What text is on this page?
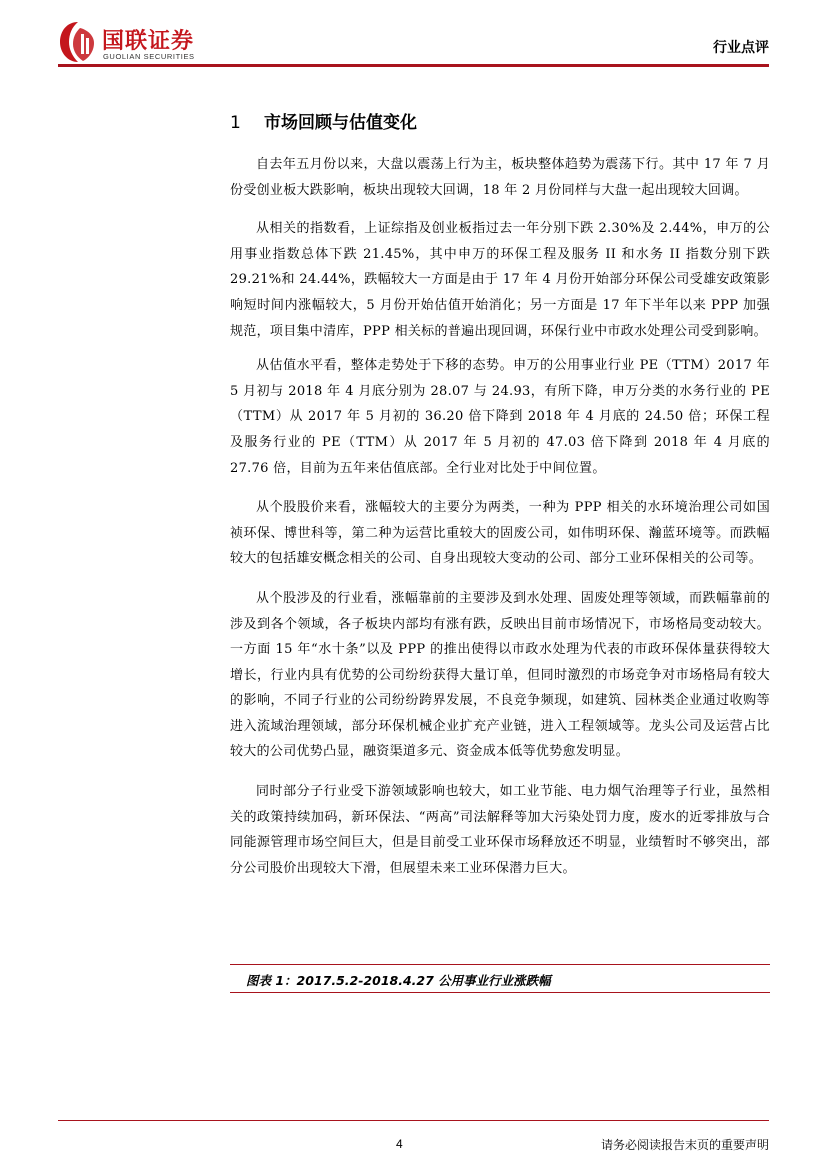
国联证券
GUOLIAN SECURITIES
行业点评
1 市场回顾与估值变化

自去年五月份以来，大盘以震荡上行为主，板块整体趋势为震荡下行。其中 17 年 7 月份受创业板大跌影响，板块出现较大回调，18 年 2 月份同样与大盘一起出现较大回调。

从相关的指数看，上证综指及创业板指过去一年分别下跌 2.30%及 2.44%，申万的公用事业指数总体下跌 21.45%，其中申万的环保工程及服务 II 和水务 II 指数分别下跌 29.21%和 24.44%，跌幅较大一方面是由于 17 年 4 月份开始部分环保公司受雄安政策影响短时间内涨幅较大，5 月份开始估值开始消化；另一方面是 17 年下半年以来 PPP 加强规范，项目集中清库，PPP 相关标的普遍出现回调，环保行业中市政水处理公司受到影响。

从估值水平看，整体走势处于下移的态势。申万的公用事业行业 PE（TTM）2017 年 5 月初与 2018 年 4 月底分别为 28.07 与 24.93，有所下降，申万分类的水务行业的 PE（TTM）从 2017 年 5 月初的 36.20 倍下降到 2018 年 4 月底的 24.50 倍；环保工程及服务行业的 PE（TTM）从 2017 年 5 月初的 47.03 倍下降到 2018 年 4 月底的 27.76 倍，目前为五年来估值底部。全行业对比处于中间位置。

从个股股价来看，涨幅较大的主要分为两类，一种为 PPP 相关的水环境治理公司如国祯环保、博世科等，第二种为运营比重较大的固废公司，如伟明环保、瀚蓝环境等。而跌幅较大的包括雄安概念相关的公司、自身出现较大变动的公司、部分工业环保相关的公司等。

从个股涉及的行业看，涨幅靠前的主要涉及到水处理、固废处理等领域，而跌幅靠前的涉及到各个领域，各子板块内部均有涨有跌，反映出目前市场情况下，市场格局变动较大。一方面 15 年“水十条”以及 PPP 的推出使得以市政水处理为代表的市政环保体量获得较大增长，行业内具有优势的公司纷纷获得大量订单，但同时激烈的市场竞争对市场格局有较大的影响，不同子行业的公司纷纷跨界发展，不良竞争频现，如建筑、园林类企业通过收购等进入流域治理领域，部分环保机械企业扩充产业链，进入工程领域等。龙头公司及运营占比较大的公司优势凸显，融资渠道多元、资金成本低等优势愈发明显。

同时部分子行业受下游领域影响也较大，如工业节能、电力烟气治理等子行业，虽然相关的政策持续加码，新环保法、“两高”司法解释等加大污染处罚力度，废水的近零排放与合同能源管理市场空间巨大，但是目前受工业环保市场释放还不明显，业绩暂时不够突出，部分公司股价出现较大下滑，但展望未来工业环保潜力巨大。

图表 1：2017.5.2-2018.4.27 公用事业行业涨跌幅
4	请务必阅读报告末页的重要声明
